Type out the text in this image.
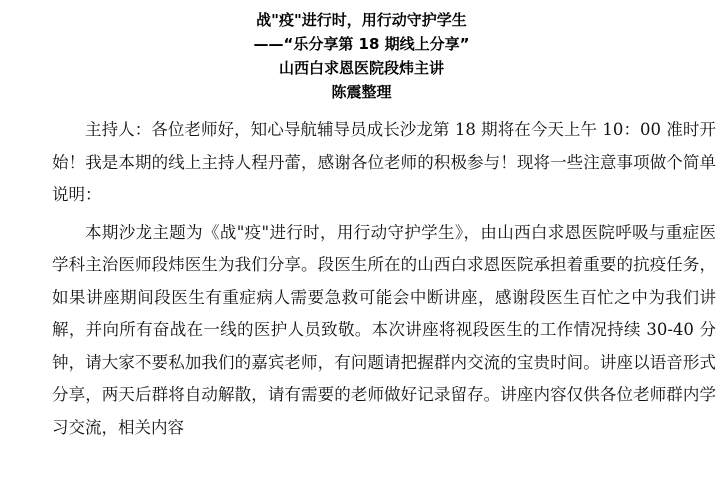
战"疫"进行时，用行动守护学生
——“乐分享第 18 期线上分享”
山西白求恩医院段炜主讲
陈震整理

主持人：各位老师好，知心导航辅导员成长沙龙第 18 期将在今天上午 10：00 准时开始！我是本期的线上主持人程丹蕾，感谢各位老师的积极参与！现将一些注意事项做个简单说明：

本期沙龙主题为《战"疫"进行时，用行动守护学生》，由山西白求恩医院呼吸与重症医学科主治医师段炜医生为我们分享。段医生所在的山西白求恩医院承担着重要的抗疫任务，如果讲座期间段医生有重症病人需要急救可能会中断讲座，感谢段医生百忙之中为我们讲解，并向所有奋战在一线的医护人员致敬。本次讲座将视段医生的工作情况持续 30-40 分钟，请大家不要私加我们的嘉宾老师，有问题请把握群内交流的宝贵时间。讲座以语音形式分享，两天后群将自动解散，请有需要的老师做好记录留存。讲座内容仅供各位老师群内学习交流，相关内容
